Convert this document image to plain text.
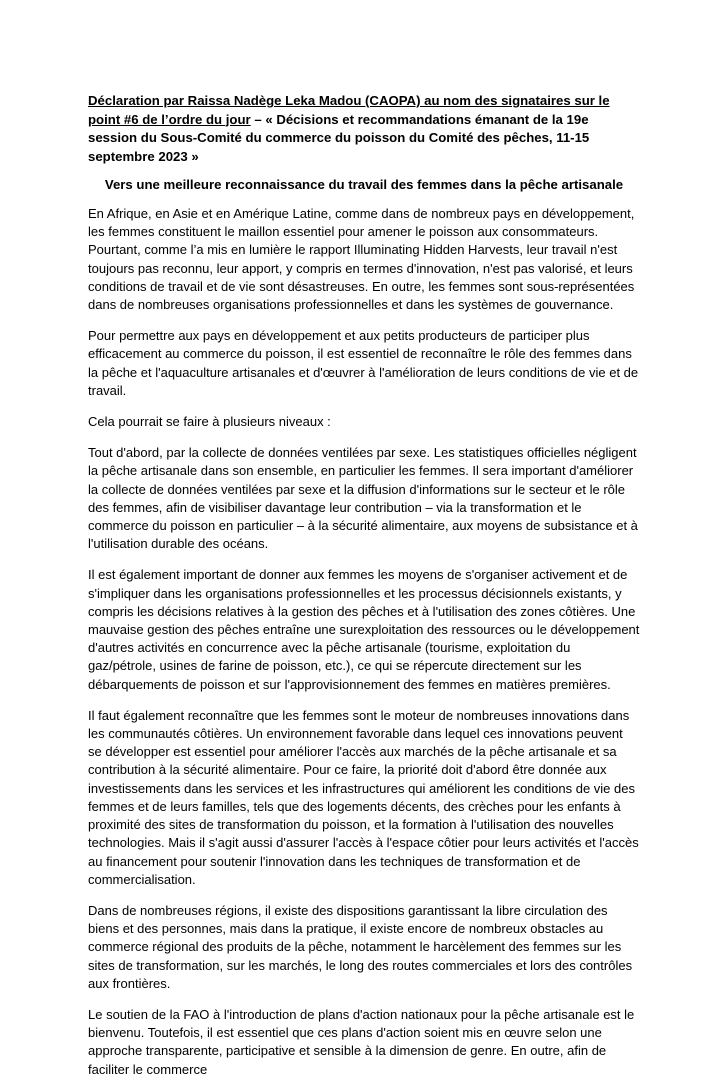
Déclaration par Raissa Nadège Leka Madou (CAOPA) au nom des signataires sur le point #6 de l’ordre du jour – « Décisions et recommandations émanant de la 19e session du Sous-Comité du commerce du poisson du Comité des pêches, 11-15 septembre 2023 »

Vers une meilleure reconnaissance du travail des femmes dans la pêche artisanale

En Afrique, en Asie et en Amérique Latine, comme dans de nombreux pays en développement, les femmes constituent le maillon essentiel pour amener le poisson aux consommateurs. Pourtant, comme l’a mis en lumière le rapport Illuminating Hidden Harvests, leur travail n'est toujours pas reconnu, leur apport, y compris en termes d'innovation, n'est pas valorisé, et leurs conditions de travail et de vie sont désastreuses. En outre, les femmes sont sous-représentées dans de nombreuses organisations professionnelles et dans les systèmes de gouvernance.

Pour permettre aux pays en développement et aux petits producteurs de participer plus efficacement au commerce du poisson, il est essentiel de reconnaître le rôle des femmes dans la pêche et l'aquaculture artisanales et d'œuvrer à l'amélioration de leurs conditions de vie et de travail.

Cela pourrait se faire à plusieurs niveaux :

Tout d'abord, par la collecte de données ventilées par sexe. Les statistiques officielles négligent la pêche artisanale dans son ensemble, en particulier les femmes. Il sera important d'améliorer la collecte de données ventilées par sexe et la diffusion d'informations sur le secteur et le rôle des femmes, afin de visibiliser davantage leur contribution – via la transformation et le commerce du poisson en particulier – à la sécurité alimentaire, aux moyens de subsistance et à l'utilisation durable des océans.

Il est également important de donner aux femmes les moyens de s'organiser activement et de s'impliquer dans les organisations professionnelles et les processus décisionnels existants, y compris les décisions relatives à la gestion des pêches et à l'utilisation des zones côtières. Une mauvaise gestion des pêches entraîne une surexploitation des ressources ou le développement d'autres activités en concurrence avec la pêche artisanale (tourisme, exploitation du gaz/pétrole, usines de farine de poisson, etc.), ce qui se répercute directement sur les débarquements de poisson et sur l'approvisionnement des femmes en matières premières.

Il faut également reconnaître que les femmes sont le moteur de nombreuses innovations dans les communautés côtières. Un environnement favorable dans lequel ces innovations peuvent se développer est essentiel pour améliorer l'accès aux marchés de la pêche artisanale et sa contribution à la sécurité alimentaire. Pour ce faire, la priorité doit d'abord être donnée aux investissements dans les services et les infrastructures qui améliorent les conditions de vie des femmes et de leurs familles, tels que des logements décents, des crèches pour les enfants à proximité des sites de transformation du poisson, et la formation à l'utilisation des nouvelles technologies. Mais il s'agit aussi d'assurer l'accès à l'espace côtier pour leurs activités et l'accès au financement pour soutenir l'innovation dans les techniques de transformation et de commercialisation.

Dans de nombreuses régions, il existe des dispositions garantissant la libre circulation des biens et des personnes, mais dans la pratique, il existe encore de nombreux obstacles au commerce régional des produits de la pêche, notamment le harcèlement des femmes sur les sites de transformation, sur les marchés, le long des routes commerciales et lors des contrôles aux frontières.

Le soutien de la FAO à l'introduction de plans d'action nationaux pour la pêche artisanale est le bienvenu. Toutefois, il est essentiel que ces plans d'action soient mis en œuvre selon une approche transparente, participative et sensible à la dimension de genre. En outre, afin de faciliter le commerce
